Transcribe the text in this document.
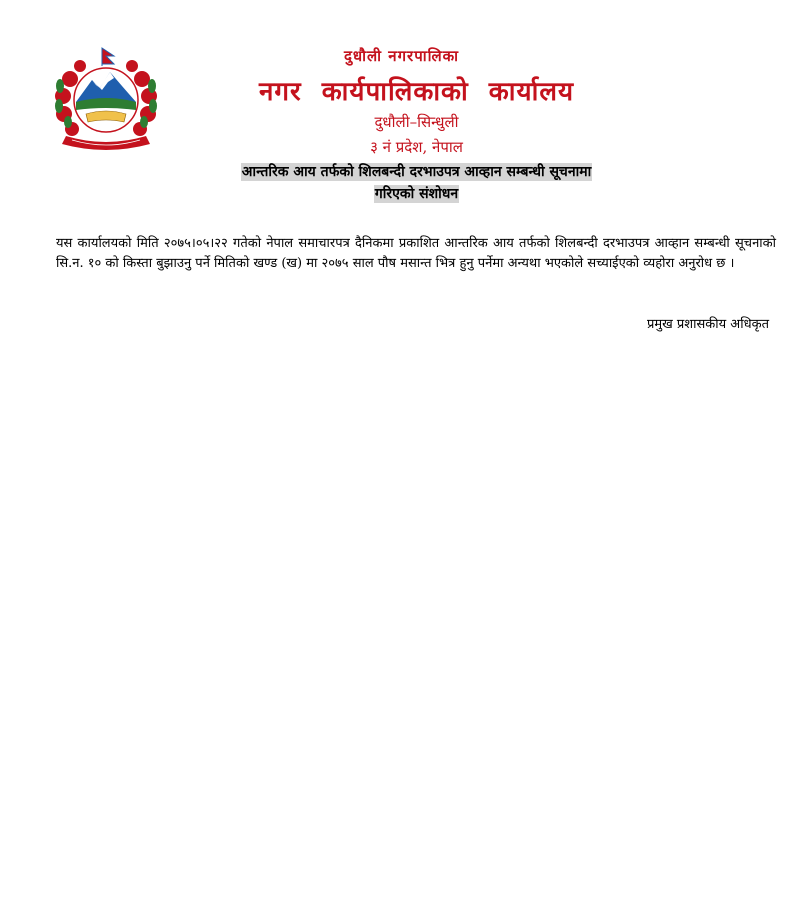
दुधौली नगरपालिका
नगर कार्यपालिकाको कार्यालय
दुधौली–सिन्धुली
३ नं प्रदेश, नेपाल
आन्तरिक आय तर्फको शिलबन्दी दरभाउपत्र आव्हान सम्बन्धी सूचनामा
गरिएको संशोधन
यस कार्यालयको मिति २०७५।०५।२२ गतेको नेपाल समाचारपत्र दैनिकमा प्रकाशित आन्तरिक आय तर्फको शिलबन्दी दरभाउपत्र आव्हान सम्बन्धी सूचनाको सि.न. १० को किस्ता बुझाउनु पर्ने मितिको खण्ड (ख) मा २०७५ साल पौष मसान्त भित्र हुनु पर्नेमा अन्यथा भएकोले सच्याईएको व्यहोरा अनुरोध छ ।
प्रमुख प्रशासकीय अधिकृत
